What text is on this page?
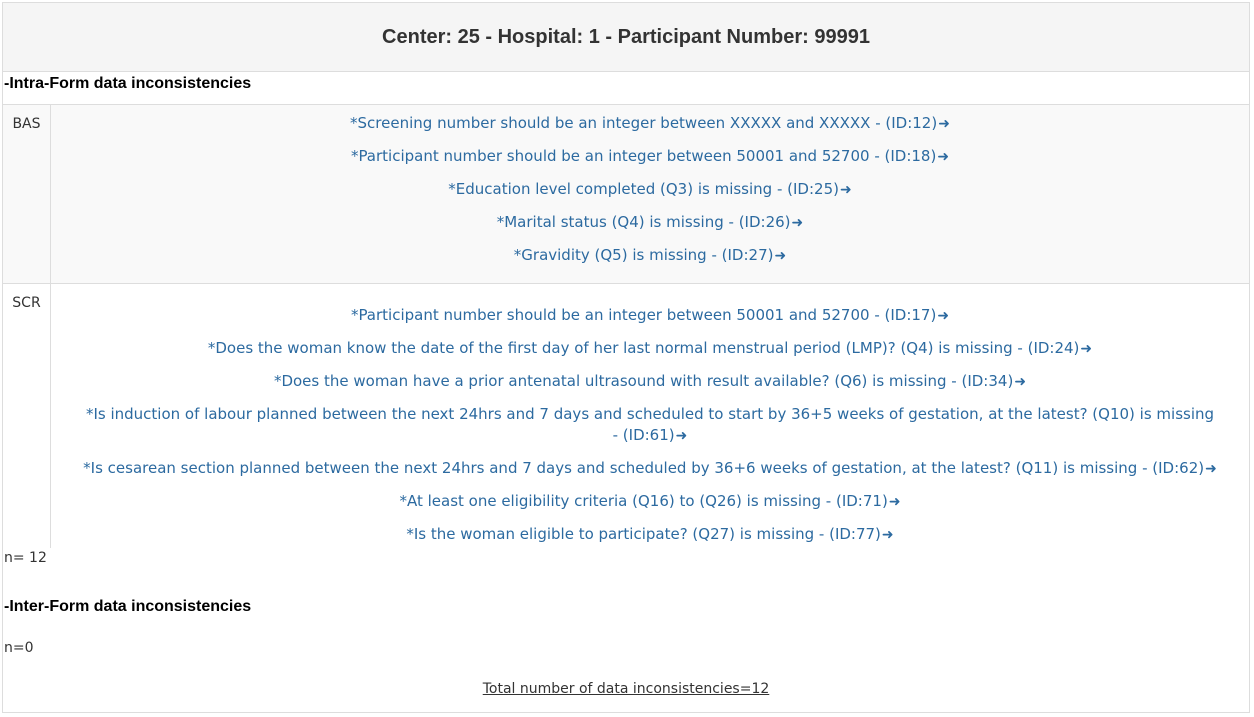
Center: 25 - Hospital: 1 - Participant Number: 99991
-Intra-Form data inconsistencies
BAS	*Screening number should be an integer between XXXXX and XXXXX - (ID:12)➜
*Participant number should be an integer between 50001 and 52700 - (ID:18)➜
*Education level completed (Q3) is missing - (ID:25)➜
*Marital status (Q4) is missing - (ID:26)➜
*Gravidity (Q5) is missing - (ID:27)➜
SCR
*Participant number should be an integer between 50001 and 52700 - (ID:17)➜
*Does the woman know the date of the first day of her last normal menstrual period (LMP)? (Q4) is missing - (ID:24)➜
*Does the woman have a prior antenatal ultrasound with result available? (Q6) is missing - (ID:34)➜
*Is induction of labour planned between the next 24hrs and 7 days and scheduled to start by 36+5 weeks of gestation, at the latest? (Q10) is missing - (ID:61)➜
*Is cesarean section planned between the next 24hrs and 7 days and scheduled by 36+6 weeks of gestation, at the latest? (Q11) is missing - (ID:62)➜
*At least one eligibility criteria (Q16) to (Q26) is missing - (ID:71)➜
*Is the woman eligible to participate? (Q27) is missing - (ID:77)➜
n= 12
-Inter-Form data inconsistencies
n=0
Total number of data inconsistencies=12
